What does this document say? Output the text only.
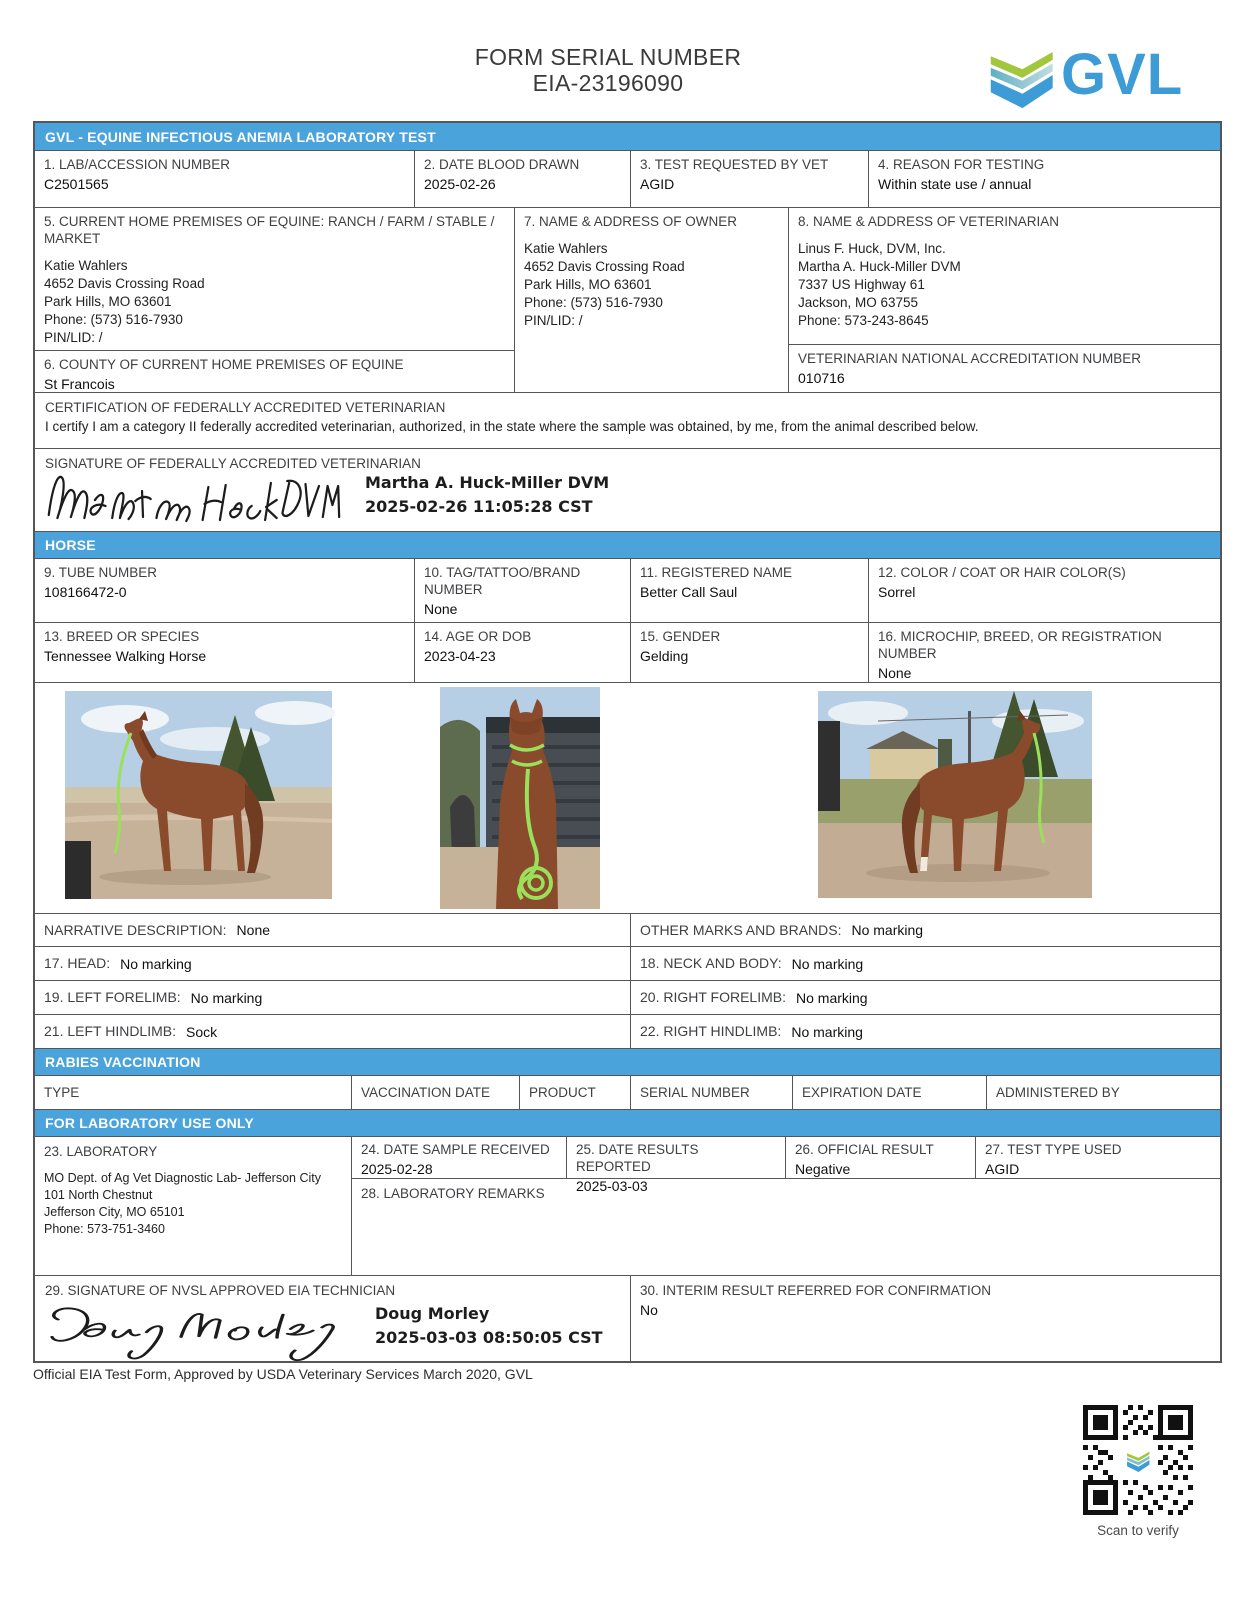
FORM SERIAL NUMBER
EIA-23196090	GVL
GVL - EQUINE INFECTIOUS ANEMIA LABORATORY TEST
1. LAB/ACCESSION NUMBER
C2501565
2. DATE BLOOD DRAWN
2025-02-26
3. TEST REQUESTED BY VET
AGID
4. REASON FOR TESTING
Within state use / annual
5. CURRENT HOME PREMISES OF EQUINE: RANCH / FARM / STABLE / MARKET
Katie Wahlers
4652 Davis Crossing Road
Park Hills, MO 63601
Phone: (573) 516-7930
PIN/LID: /
6. COUNTY OF CURRENT HOME PREMISES OF EQUINE
St Francois
7. NAME & ADDRESS OF OWNER
Katie Wahlers
4652 Davis Crossing Road
Park Hills, MO 63601
Phone: (573) 516-7930
PIN/LID: /
8. NAME & ADDRESS OF VETERINARIAN
Linus F. Huck, DVM, Inc.
Martha A. Huck-Miller DVM
7337 US Highway 61
Jackson, MO 63755
Phone: 573-243-8645
VETERINARIAN NATIONAL ACCREDITATION NUMBER
010716
CERTIFICATION OF FEDERALLY ACCREDITED VETERINARIAN
I certify I am a category II federally accredited veterinarian, authorized, in the state where the sample was obtained, by me, from the animal described below.
SIGNATURE OF FEDERALLY ACCREDITED VETERINARIAN
Martha A. Huck-Miller DVM
2025-02-26 11:05:28 CST
HORSE
9. TUBE NUMBER
108166472-0
10. TAG/TATTOO/BRAND NUMBER
None
11. REGISTERED NAME
Better Call Saul
12. COLOR / COAT OR HAIR COLOR(S)
Sorrel
13. BREED OR SPECIES
Tennessee Walking Horse
14. AGE OR DOB
2023-04-23
15. GENDER
Gelding
16. MICROCHIP, BREED, OR REGISTRATION NUMBER
None
NARRATIVE DESCRIPTION: None	OTHER MARKS AND BRANDS: No marking
17. HEAD: No marking	18. NECK AND BODY: No marking
19. LEFT FORELIMB: No marking	20. RIGHT FORELIMB: No marking
21. LEFT HINDLIMB: Sock	22. RIGHT HINDLIMB: No marking
RABIES VACCINATION
TYPE	VACCINATION DATE	PRODUCT	SERIAL NUMBER	EXPIRATION DATE	ADMINISTERED BY
FOR LABORATORY USE ONLY
23. LABORATORY
MO Dept. of Ag Vet Diagnostic Lab- Jefferson City
101 North Chestnut
Jefferson City, MO 65101
Phone: 573-751-3460
24. DATE SAMPLE RECEIVED
2025-02-28
25. DATE RESULTS REPORTED
2025-03-03
26. OFFICIAL RESULT
Negative
27. TEST TYPE USED
AGID
28. LABORATORY REMARKS
29. SIGNATURE OF NVSL APPROVED EIA TECHNICIAN
Doug Morley
2025-03-03 08:50:05 CST
30. INTERIM RESULT REFERRED FOR CONFIRMATION
No
Official EIA Test Form, Approved by USDA Veterinary Services March 2020, GVL
Scan to verify
